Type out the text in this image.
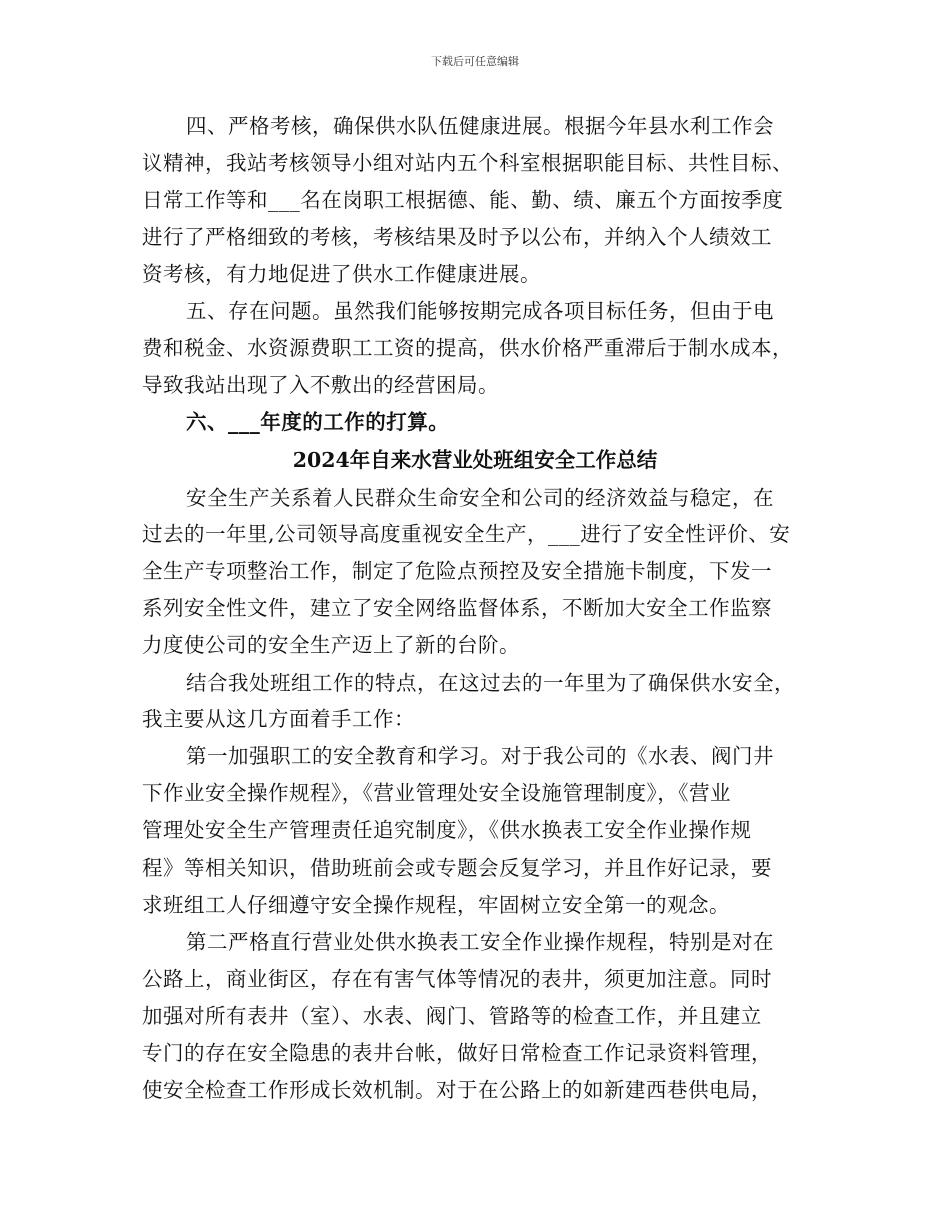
下载后可任意编辑
四、严格考核，确保供水队伍健康进展。根据今年县水利工作会
议精神，我站考核领导小组对站内五个科室根据职能目标、共性目标、
日常工作等和___名在岗职工根据德、能、勤、绩、廉五个方面按季度
进行了严格细致的考核，考核结果及时予以公布，并纳入个人绩效工
资考核，有力地促进了供水工作健康进展。
五、存在问题。虽然我们能够按期完成各项目标任务，但由于电
费和税金、水资源费职工工资的提高，供水价格严重滞后于制水成本，
导致我站出现了入不敷出的经营困局。
六、___年度的工作的打算。
2024年自来水营业处班组安全工作总结
安全生产关系着人民群众生命安全和公司的经济效益与稳定，在
过去的一年里,公司领导高度重视安全生产，___进行了安全性评价、安
全生产专项整治工作，制定了危险点预控及安全措施卡制度，下发一
系列安全性文件，建立了安全网络监督体系，不断加大安全工作监察
力度使公司的安全生产迈上了新的台阶。
结合我处班组工作的特点，在这过去的一年里为了确保供水安全，
我主要从这几方面着手工作：
第一加强职工的安全教育和学习。对于我公司的《水表、阀门井
下作业安全操作规程》，《营业管理处安全设施管理制度》，《营业
管理处安全生产管理责任追究制度》，《供水换表工安全作业操作规
程》等相关知识，借助班前会或专题会反复学习，并且作好记录，要
求班组工人仔细遵守安全操作规程，牢固树立安全第一的观念。
第二严格直行营业处供水换表工安全作业操作规程，特别是对在
公路上，商业街区，存在有害气体等情况的表井，须更加注意。同时
加强对所有表井（室）、水表、阀门、管路等的检查工作，并且建立
专门的存在安全隐患的表井台帐，做好日常检查工作记录资料管理，
使安全检查工作形成长效机制。对于在公路上的如新建西巷供电局，
